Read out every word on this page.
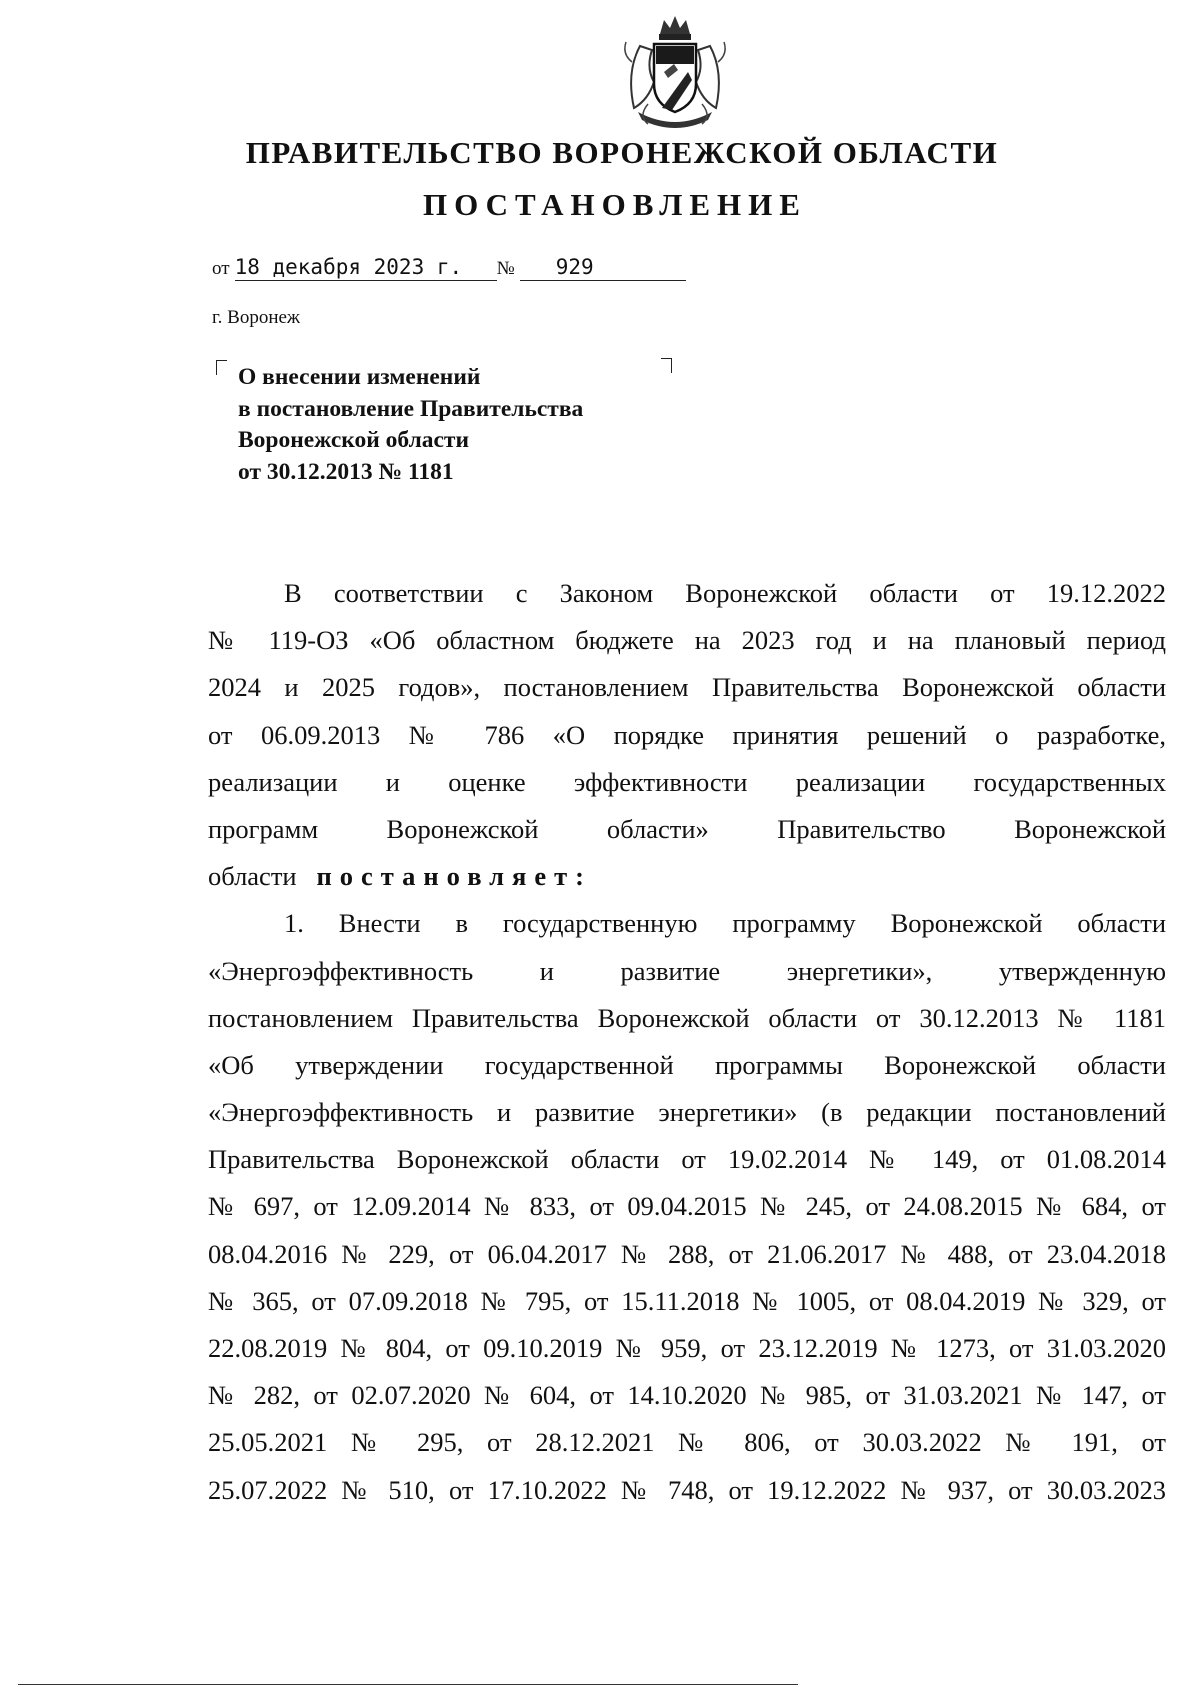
ПРАВИТЕЛЬСТВО ВОРОНЕЖСКОЙ ОБЛАСТИ
ПОСТАНОВЛЕНИЕ
от 18 декабря 2023 г. № 929
г. Воронеж
О внесении изменений
в постановление Правительства
Воронежской области
от 30.12.2013 № 1181
В соответствии с Законом Воронежской области от 19.12.2022
№ 119-ОЗ «Об областном бюджете на 2023 год и на плановый период
2024 и 2025 годов», постановлением Правительства Воронежской области
от 06.09.2013 № 786 «О порядке принятия решений о разработке,
реализации и оценке эффективности реализации государственных
программ Воронежской области» Правительство Воронежской
области постановляет:
1. Внести в государственную программу Воронежской области
«Энергоэффективность и развитие энергетики», утвержденную
постановлением Правительства Воронежской области от 30.12.2013 № 1181
«Об утверждении государственной программы Воронежской области
«Энергоэффективность и развитие энергетики» (в редакции постановлений
Правительства Воронежской области от 19.02.2014 № 149, от 01.08.2014
№ 697, от 12.09.2014 № 833, от 09.04.2015 № 245, от 24.08.2015 № 684, от
08.04.2016 № 229, от 06.04.2017 № 288, от 21.06.2017 № 488, от 23.04.2018
№ 365, от 07.09.2018 № 795, от 15.11.2018 № 1005, от 08.04.2019 № 329, от
22.08.2019 № 804, от 09.10.2019 № 959, от 23.12.2019 № 1273, от 31.03.2020
№ 282, от 02.07.2020 № 604, от 14.10.2020 № 985, от 31.03.2021 № 147, от
25.05.2021 № 295, от 28.12.2021 № 806, от 30.03.2022 № 191, от
25.07.2022 № 510, от 17.10.2022 № 748, от 19.12.2022 № 937, от 30.03.2023
